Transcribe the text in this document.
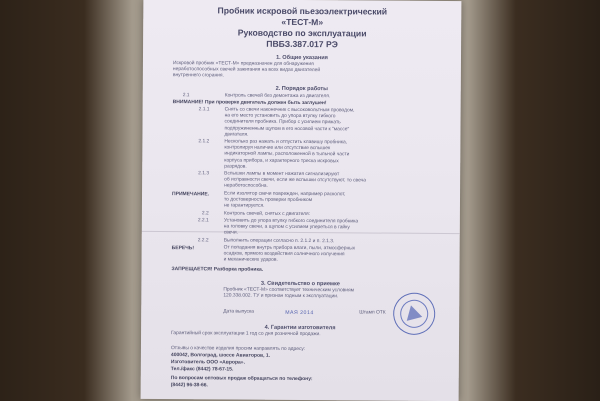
Пробник искровой пьезоэлектрический
«ТЕСТ-М»
Руководство по эксплуатации
ПВБЗ.387.017 РЭ
1. Общие указания
Искровой пробник «ТЕСТ-М» предназначен для обнаружения
неработоспособных свечей зажигания на всех видах двигателей
внутреннего сгорания.
2. Порядок работы
2.1	Контроль свечей без демонтажа из двигателя.
ВНИМАНИЕ! При проверке двигатель должен быть заглушен!
2.1.1	Снять со свечи наконечник с высоковольтным проводом,
на его место установить до упора втулку гибкого
соединителя пробника. Прибор с усилием прижать
подпружиненным щупом в его носовой части к "массе"
двигателя.
2.1.2	Несколько раз нажать и отпустить клавишу пробника,
контролируя наличие или отсутствие вспышек
индикаторной лампы, расположенной в тыльной части
корпуса прибора, и характерного треска искровых
разрядов.
2.1.3	Вспышки лампы в момент нажатия сигнализируют
об исправности свечи, если же вспышки отсутствуют, то свеча
неработоспособна.
ПРИМЕЧАНИЕ.	Если изолятор свечи поврежден, например расколот,
то достоверность проверки пробником
не гарантируется.
2.2	Контроль свечей, снятых с двигателя:
2.2.1	Установить до упора втулку гибкого соединителя пробника
на головку свечи, а щупом с усилием упереться в гайку
свечи.
2.2.2	Выполнить операции согласно п. 2.1.2 и п. 2.1.3.
БЕРЕЧЬ!	От попадания внутрь прибора влаги, пыли, атмосферных
осадков, прямого воздействия солнечного излучения
и механических ударов.
ЗАПРЕЩАЕТСЯ! Разборка пробника.
3. Свидетельство о приемке
Пробник «ТЕСТ-М» соответствует техническим условиям
120.338.002. ТУ и признан годным к эксплуатации.
Дата выпуска	МАЯ 2014	Штамп ОТК
4. Гарантии изготовителя
Гарантийный срок эксплуатации 1 год со дня розничной продажи.
Отзывы о качестве изделия просим направлять по адресу:
400042, Волгоград, шоссе Авиаторов, 1.
Изготовитель ООО «Аврора».
Тел./факс (8442) 78-67-15.
По вопросам оптовых продаж обращаться по телефону:
(8442) 96-38-66.
